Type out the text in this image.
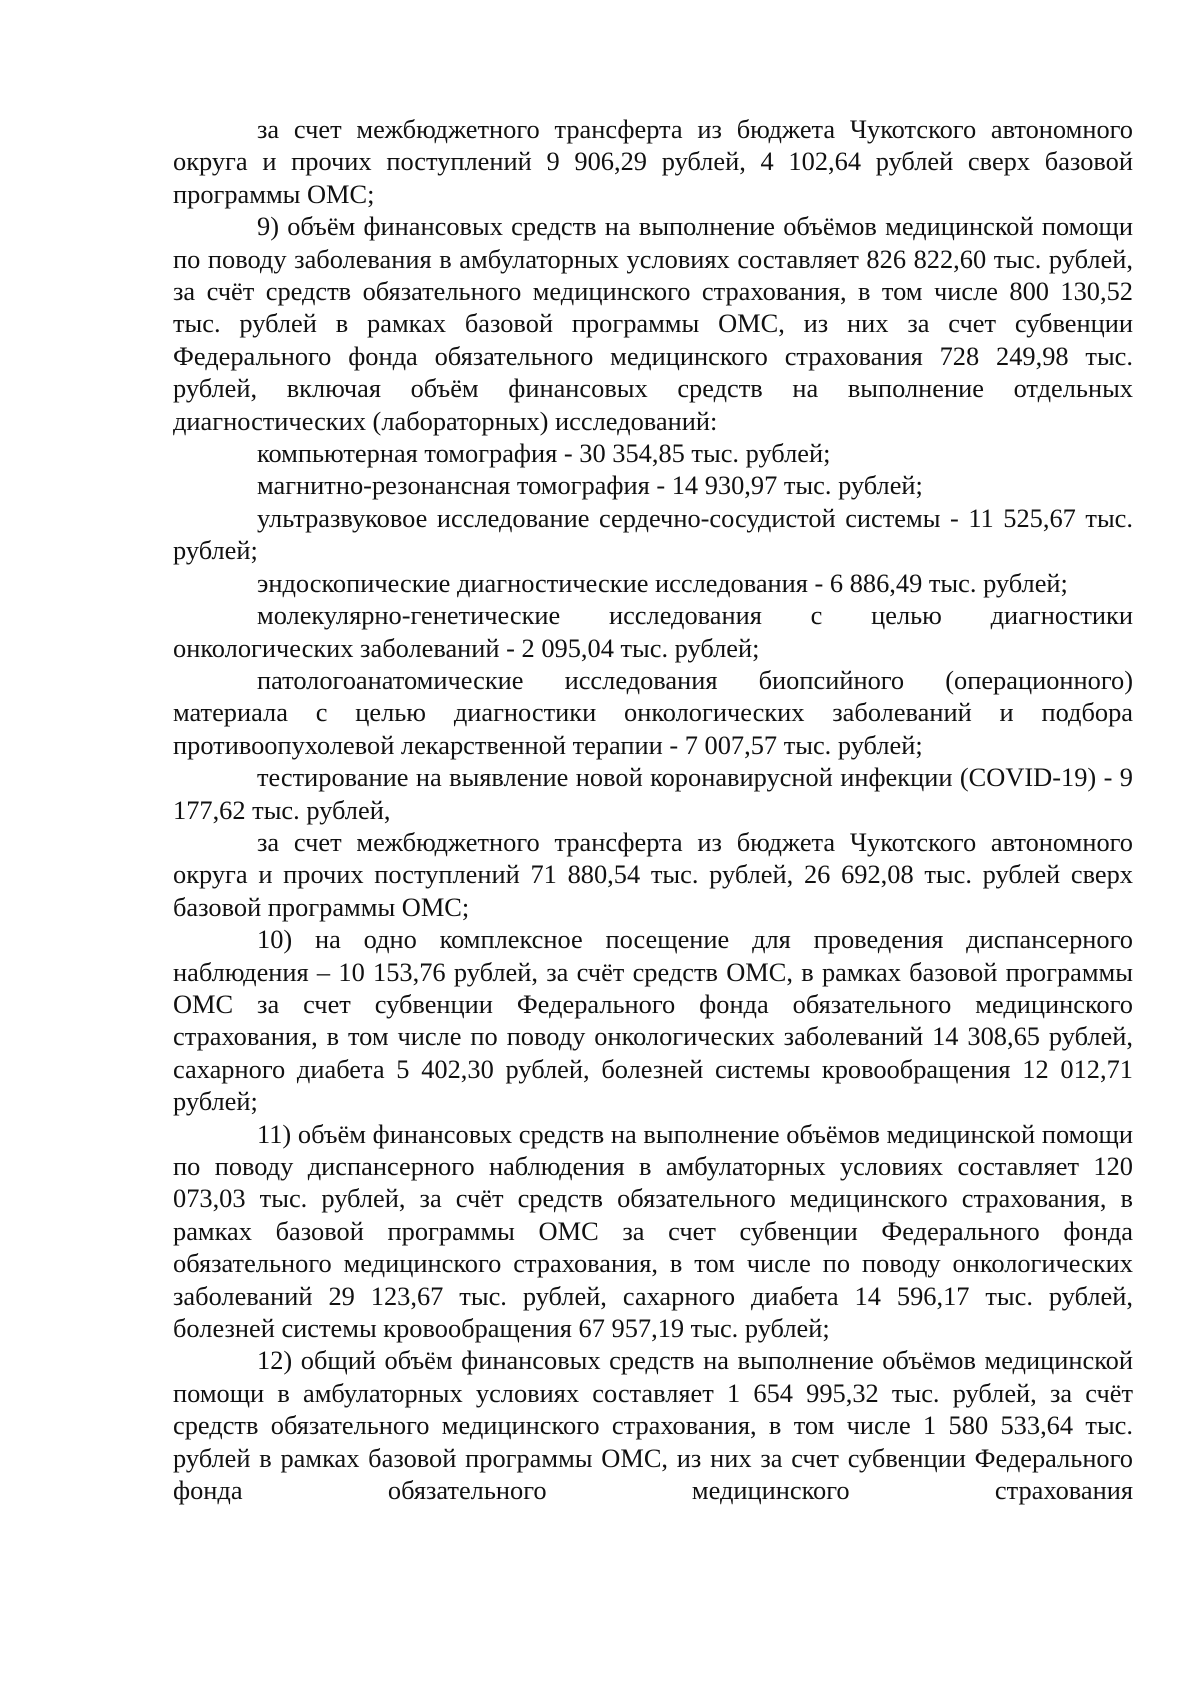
за счет межбюджетного трансферта из бюджета Чукотского автономного округа и прочих поступлений 9 906,29 рублей, 4 102,64 рублей сверх базовой программы ОМС;

9) объём финансовых средств на выполнение объёмов медицинской помощи по поводу заболевания в амбулаторных условиях составляет 826 822,60 тыс. рублей, за счёт средств обязательного медицинского страхования, в том числе 800 130,52 тыс. рублей в рамках базовой программы ОМС, из них за счет субвенции Федерального фонда обязательного медицинского страхования 728 249,98 тыс. рублей, включая объём финансовых средств на выполнение отдельных диагностических (лабораторных) исследований:

компьютерная томография - 30 354,85 тыс. рублей;

магнитно-резонансная томография - 14 930,97 тыс. рублей;

ультразвуковое исследование сердечно-сосудистой системы - 11 525,67 тыс. рублей;

эндоскопические диагностические исследования - 6 886,49 тыс. рублей;

молекулярно-генетические исследования с целью диагностики онкологических заболеваний - 2 095,04 тыс. рублей;

патологоанатомические исследования биопсийного (операционного) материала с целью диагностики онкологических заболеваний и подбора противоопухолевой лекарственной терапии - 7 007,57 тыс. рублей;

тестирование на выявление новой коронавирусной инфекции (COVID-19) - 9 177,62 тыс. рублей,

за счет межбюджетного трансферта из бюджета Чукотского автономного округа и прочих поступлений 71 880,54 тыс. рублей, 26 692,08 тыс. рублей сверх базовой программы ОМС;

10) на одно комплексное посещение для проведения диспансерного наблюдения – 10 153,76 рублей, за счёт средств ОМС, в рамках базовой программы ОМС за счет субвенции Федерального фонда обязательного медицинского страхования, в том числе по поводу онкологических заболеваний 14 308,65 рублей, сахарного диабета 5 402,30 рублей, болезней системы кровообращения 12 012,71 рублей;

11) объём финансовых средств на выполнение объёмов медицинской помощи по поводу диспансерного наблюдения в амбулаторных условиях составляет 120 073,03 тыс. рублей, за счёт средств обязательного медицинского страхования, в рамках базовой программы ОМС за счет субвенции Федерального фонда обязательного медицинского страхования, в том числе по поводу онкологических заболеваний 29 123,67 тыс. рублей, сахарного диабета 14 596,17 тыс. рублей, болезней системы кровообращения 67 957,19 тыс. рублей;

12) общий объём финансовых средств на выполнение объёмов медицинской помощи в амбулаторных условиях составляет 1 654 995,32 тыс. рублей, за счёт средств обязательного медицинского страхования, в том числе 1 580 533,64 тыс. рублей в рамках базовой программы ОМС, из них за счет субвенции Федерального фонда обязательного медицинского страхования
